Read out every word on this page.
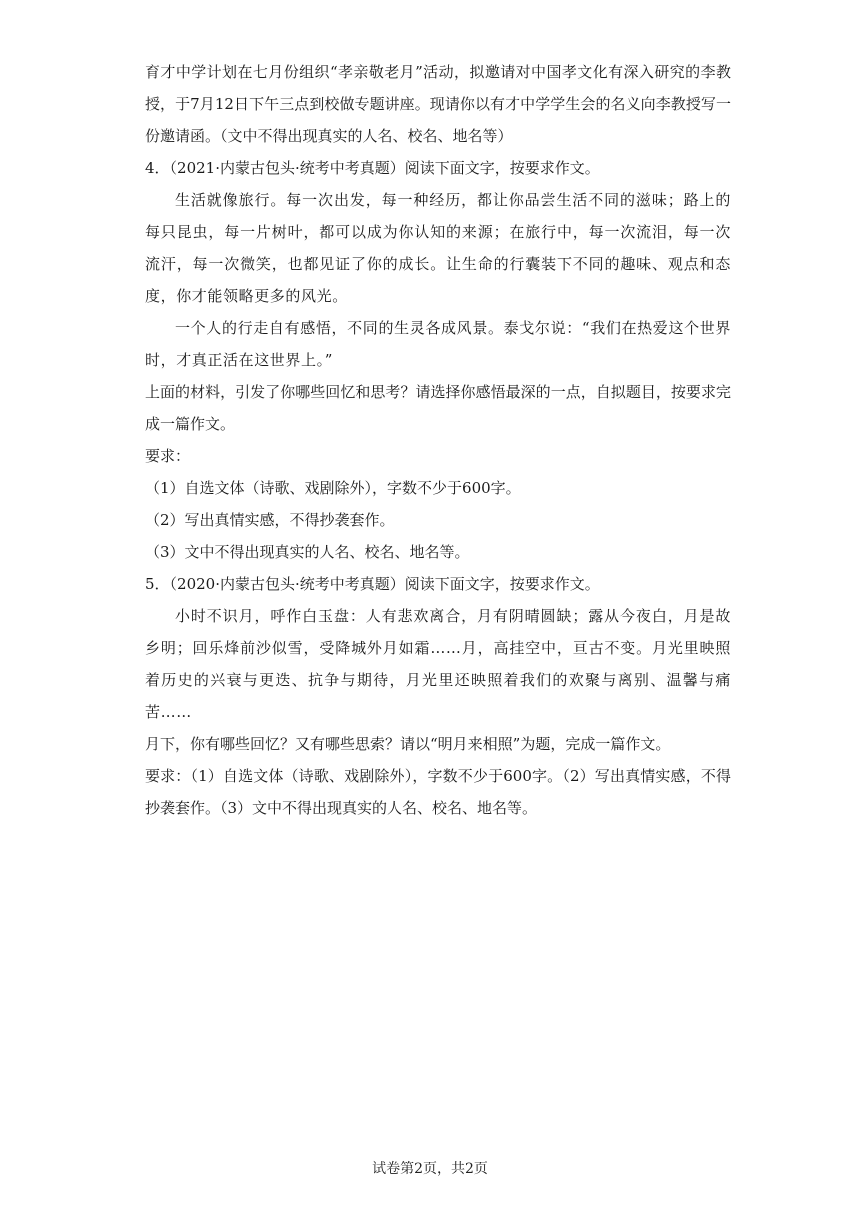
育才中学计划在七月份组织“孝亲敬老月”活动，拟邀请对中国孝文化有深入研究的李教授，于7月12日下午三点到校做专题讲座。现请你以有才中学学生会的名义向李教授写一份邀请函。（文中不得出现真实的人名、校名、地名等）

4．（2021·内蒙古包头·统考中考真题）阅读下面文字，按要求作文。

生活就像旅行。每一次出发，每一种经历，都让你品尝生活不同的滋味；路上的每只昆虫，每一片树叶，都可以成为你认知的来源；在旅行中，每一次流泪，每一次流汗，每一次微笑，也都见证了你的成长。让生命的行囊装下不同的趣味、观点和态度，你才能领略更多的风光。

一个人的行走自有感悟，不同的生灵各成风景。泰戈尔说：“我们在热爱这个世界时，才真正活在这世界上。”

上面的材料，引发了你哪些回忆和思考？请选择你感悟最深的一点，自拟题目，按要求完成一篇作文。

要求：

（1）自选文体（诗歌、戏剧除外），字数不少于600字。

（2）写出真情实感，不得抄袭套作。

（3）文中不得出现真实的人名、校名、地名等。

5．（2020·内蒙古包头·统考中考真题）阅读下面文字，按要求作文。

小时不识月，呼作白玉盘：人有悲欢离合，月有阴晴圆缺；露从今夜白，月是故乡明；回乐烽前沙似雪，受降城外月如霜……月，高挂空中，亘古不变。月光里映照着历史的兴衰与更迭、抗争与期待，月光里还映照着我们的欢聚与离别、温馨与痛苦……

月下，你有哪些回忆？又有哪些思索？请以“明月来相照”为题，完成一篇作文。

要求：（1）自选文体（诗歌、戏剧除外），字数不少于600字。（2）写出真情实感，不得抄袭套作。（3）文中不得出现真实的人名、校名、地名等。

试卷第2页，共2页
